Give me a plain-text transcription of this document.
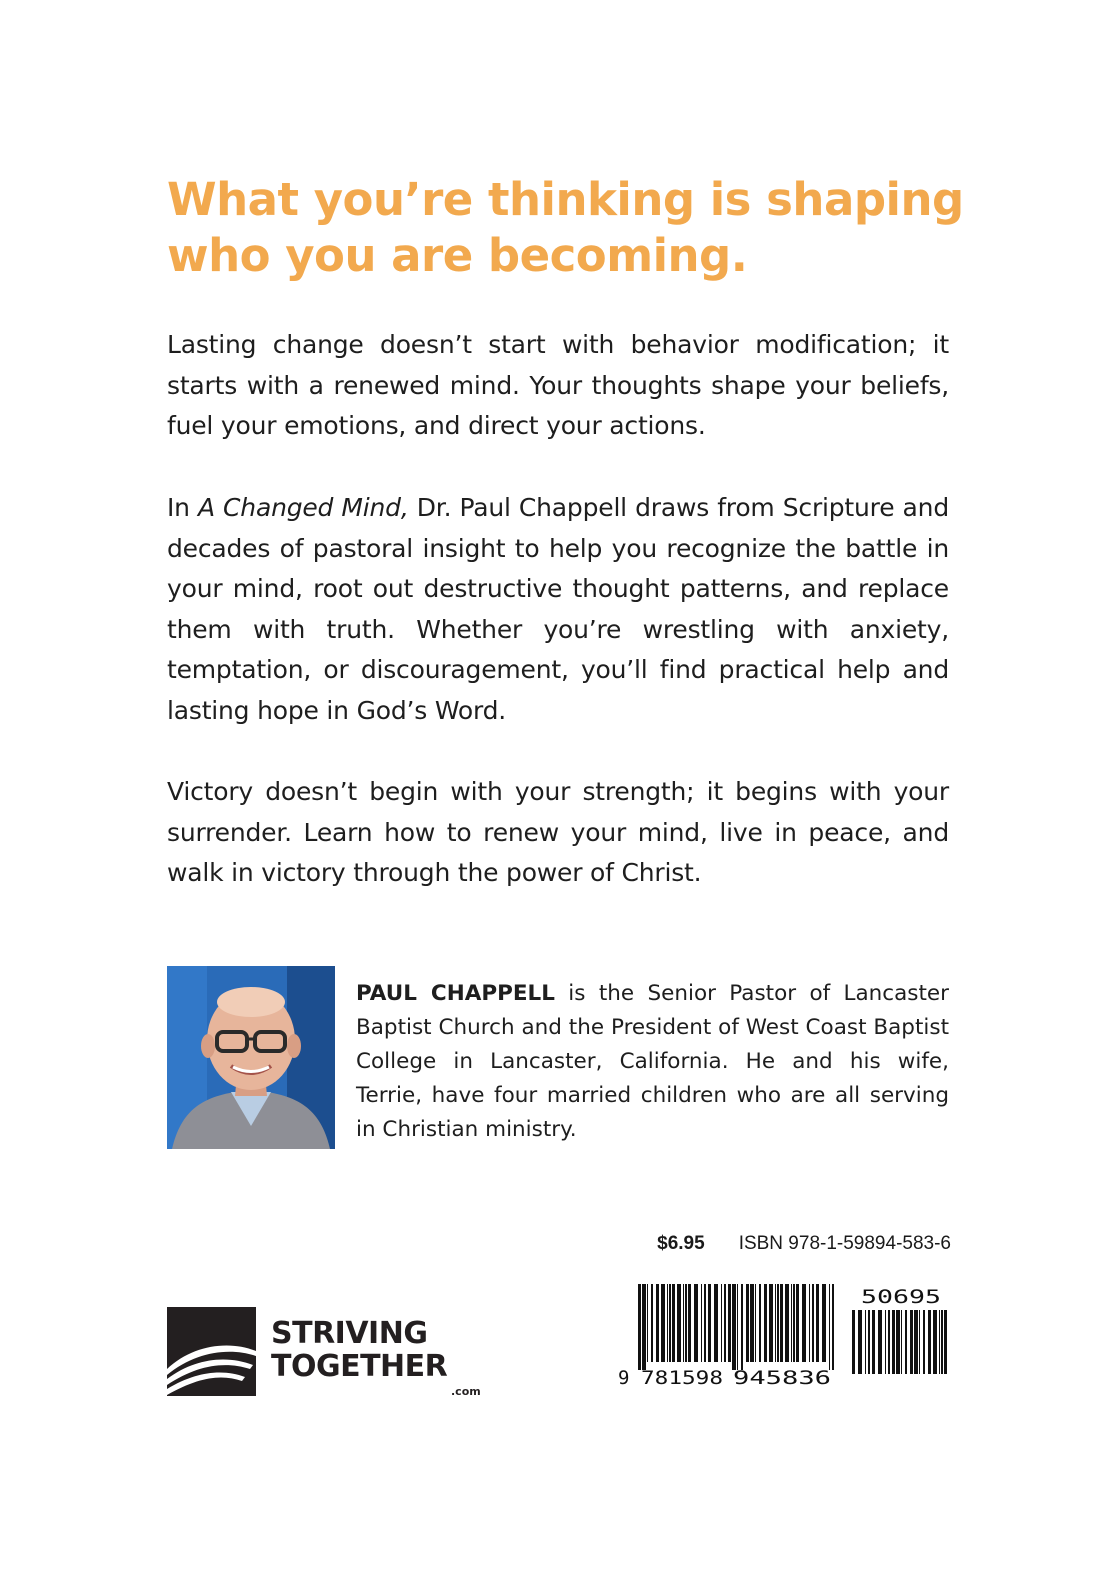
What you’re thinking is shaping
who you are becoming.

Lasting change doesn’t start with behavior modification; it starts with a renewed mind. Your thoughts shape your beliefs, fuel your emotions, and direct your actions.

In A Changed Mind, Dr. Paul Chappell draws from Scripture and decades of pastoral insight to help you recognize the battle in your mind, root out destructive thought patterns, and replace them with truth. Whether you’re wrestling with anxiety, temptation, or discouragement, you’ll find practical help and lasting hope in God’s Word.

Victory doesn’t begin with your strength; it begins with your surrender. Learn how to renew your mind, live in peace, and walk in victory through the power of Christ.

PAUL CHAPPELL is the Senior Pastor of Lancaster Baptist Church and the President of West Coast Baptist College in Lancaster, California. He and his wife, Terrie, have four married children who are all serving in Christian ministry.

$6.95 ISBN 978-1-59894-583-6
STRIVING
TOGETHER
.com
9 781598 945836
50695
